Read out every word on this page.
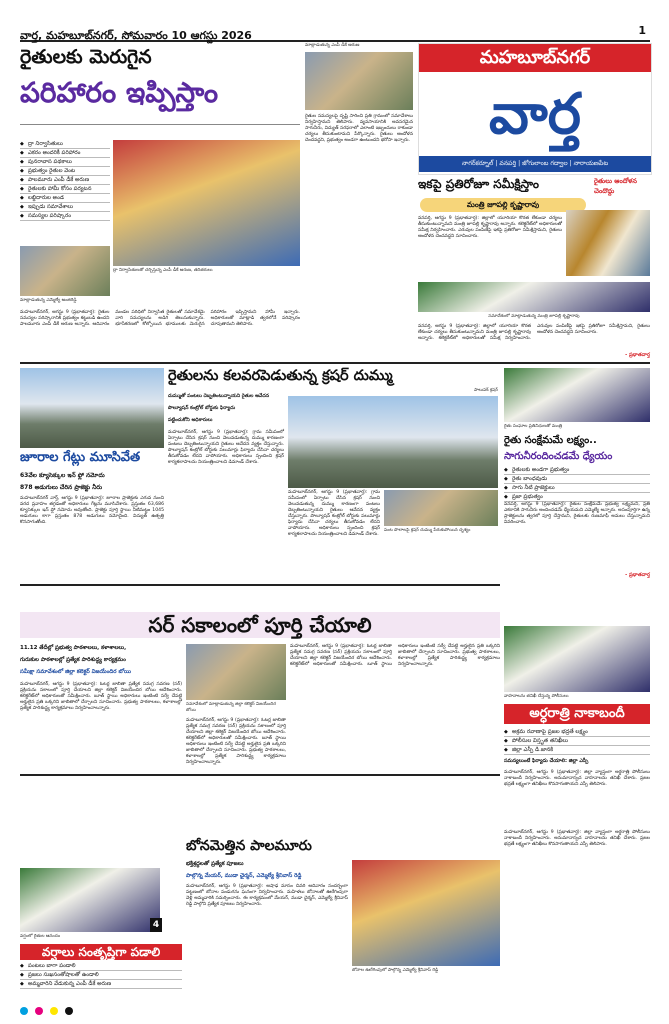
వార్త, మహబూబ్‌నగర్, సోమవారం 10 ఆగస్టు 2026	1
రైతులకు మెరుగైన
పరిహారం ఇప్పిస్తాం
◆ ద్రా నిర్వాసితులు
◆ ఎకరం అందరికీ పరిహారం
◆ పునరావాస పథకాలు
◆ ప్రభుత్వం రైతుల వెంట
◆ పాలమూరు ఎంపీ డీకే అరుణ
◆ రైతులకు హామీ కోసం పర్యటన
◆ లబ్దిదారుల అండ
◆ ఇప్పుడు సమావేశాలు
◆ సమస్యల పరిష్కారం
ద్రా నిర్వాసితులతో చర్చిస్తున్న ఎంపీ డీకే అరుణ, తదితరులు
మాట్లాడుతున్న ఎమ్మెల్యే అంజిరెడ్డి
మహబూబ్‌నగర్, ఆగస్టు 9 (ప్రభాతవార్త): రైతుల సమస్యల పరిష్కారానికి ప్రభుత్వం కట్టుబడి ఉందని పాలమూరు ఎంపీ డీకే అరుణ అన్నారు. ఆదివారం మండల పరిధిలో నిర్వాసిత రైతులతో సమావేశమై వారి సమస్యలను అడిగి తెలుసుకున్నారు. భూసేకరణలో కోల్పోయిన భూములకు మెరుగైన పరిహారం ఇప్పిస్తామని హామీ ఇచ్చారు. అధికారులతో మాట్లాడి త్వరలోనే పరిష్కారం చూపుతామని తెలిపారు.
మాట్లాడుతున్న ఎంపీ డీకే అరుణ
రైతుల సమస్యలపై దృష్టి సారించి ప్రతి గ్రామంలో సమావేశాలు నిర్వహిస్తామని తెలిపారు. వ్యవసాయానికి అవసరమైన సాగునీరు, విద్యుత్ సరఫరాలో ఎలాంటి ఇబ్బందులు రాకుండా చర్యలు తీసుకుంటామని పేర్కొన్నారు. రైతులు ఆందోళన చెందవద్దని, ప్రభుత్వం అండగా ఉంటుందని భరోసా ఇచ్చారు.
మహబూబ్‌నగర్
వార్త
నాగర్‌కర్నూల్ | వనపర్తి | జోగులాంబ గద్వాల | నారాయణపేట
ఇకపై ప్రతిరోజూ సమీక్షిస్తాం
మంత్రి జూపల్లి కృష్ణారావు
రైతులు ఆందోళన చెందొద్దు
వనపర్తి, ఆగస్టు 9 (ప్రభాతవార్త): జిల్లాలో యూరియా కొరత లేకుండా చర్యలు తీసుకుంటున్నామని మంత్రి జూపల్లి కృష్ణారావు అన్నారు. కలెక్టరేట్‌లో అధికారులతో సమీక్ష నిర్వహించారు. ఎరువుల పంపిణీపై ఇకపై ప్రతిరోజూ సమీక్షిస్తామని, రైతులు ఆందోళన చెందవద్దని సూచించారు.
సమావేశంలో మాట్లాడుతున్న మంత్రి జూపల్లి కృష్ణారావు
వనపర్తి, ఆగస్టు 9 (ప్రభాతవార్త): జిల్లాలో యూరియా కొరత లేకుండా చర్యలు తీసుకుంటున్నామని మంత్రి జూపల్లి కృష్ణారావు అన్నారు. కలెక్టరేట్‌లో అధికారులతో సమీక్ష నిర్వహించారు. ఎరువుల పంపిణీపై ఇకపై ప్రతిరోజూ సమీక్షిస్తామని, రైతులు ఆందోళన చెందవద్దని సూచించారు.
- ప్రభాతవార్త
జూరాల గేట్లు మూసివేత
63వేల క్యూసెక్కుల ఇన్ ఫ్లో నమోదు
878 అడుగులు చేరిన ప్రాజెక్టు నీరు
మహబూబ్‌నగర్ వార్త్, ఆగస్టు 9 (ప్రభాతవార్త): జూరాల ప్రాజెక్టుకు ఎగువ నుంచి వరద ప్రవాహం తగ్గడంతో అధికారులు గేట్లను మూసివేశారు. ప్రస్తుతం 63,686 క్యూసెక్కుల ఇన్ ఫ్లో నమోదు అవుతోంది. ప్రాజెక్టు పూర్తి స్థాయి నీటిమట్టం 1045 అడుగులు కాగా ప్రస్తుతం 878 అడుగులు నమోదైంది. విద్యుత్ ఉత్పత్తి కొనసాగుతోంది.
రైతులను కలవరపెడుతున్న క్రషర్ దుమ్ము
దుమ్ముతో పంటలు దెబ్బతింటున్నాయని రైతుల ఆవేదన
పొల్యూషన్ కంట్రోల్ బోర్డుకు ఫిర్యాదు
పట్టించుకోని అధికారులు
మహబూబ్‌నగర్, ఆగస్టు 9 (ప్రభాతవార్త): గ్రామ సమీపంలో ఏర్పాటు చేసిన క్రషర్ నుంచి వెలువడుతున్న దుమ్ము కారణంగా పంటలు దెబ్బతింటున్నాయని రైతులు ఆవేదన వ్యక్తం చేస్తున్నారు. పొల్యూషన్ కంట్రోల్ బోర్డుకు పలుమార్లు ఫిర్యాదు చేసినా చర్యలు తీసుకోవడం లేదని వాపోయారు. అధికారులు స్పందించి క్రషర్ కార్యకలాపాలను నియంత్రించాలని డిమాండ్ చేశారు.
పాలుపక్ క్రషర్
పంట పొలాలపై క్రషర్ దుమ్ము పేరుకుపోయిన దృశ్యం
మహబూబ్‌నగర్, ఆగస్టు 9 (ప్రభాతవార్త): గ్రామ సమీపంలో ఏర్పాటు చేసిన క్రషర్ నుంచి వెలువడుతున్న దుమ్ము కారణంగా పంటలు దెబ్బతింటున్నాయని రైతులు ఆవేదన వ్యక్తం చేస్తున్నారు. పొల్యూషన్ కంట్రోల్ బోర్డుకు పలుమార్లు ఫిర్యాదు చేసినా చర్యలు తీసుకోవడం లేదని వాపోయారు. అధికారులు స్పందించి క్రషర్ కార్యకలాపాలను నియంత్రించాలని డిమాండ్ చేశారు.
రైతు సంఘాల ప్రతినిధులతో మంత్రి
రైతు సంక్షేమమే లక్ష్యం..
సాగునీరందించడమే ధ్యేయం
◆ రైతులకు అండగా ప్రభుత్వం
◆ రైతు బాంధవుడు
◆ సాగు నీటి ప్రాజెక్టులు
◆ ప్రజా ప్రభుత్వం
వనపర్తి, ఆగస్టు 9 (ప్రభాతవార్త): రైతుల సంక్షేమమే ప్రభుత్వ లక్ష్యమని, ప్రతి ఎకరానికి సాగునీరు అందించడమే ధ్యేయమని ఎమ్మెల్యే అన్నారు. అసంపూర్తిగా ఉన్న ప్రాజెక్టులను త్వరలో పూర్తి చేస్తామని, రైతులకు రుణమాఫీ అమలు చేస్తున్నామని వివరించారు.
- ప్రభాతవార్త
సర్ సకాలంలో పూర్తి చేయాలి
11.12 తేదీల్లో ప్రభుత్వ పాఠశాలలు, కళాశాలలు,
గురుకుల పాఠశాలల్లో ప్రత్యేక పారిశుద్ధ్య కార్యక్రమం
సమీక్షా సమావేశంలో జిల్లా కలెక్టర్ విజయేందిర బోయి
మహబూబ్‌నగర్, ఆగస్టు 9 (ప్రభాతవార్త): ఓటర్ల జాబితా ప్రత్యేక సమగ్ర సవరణ (సర్) ప్రక్రియను సకాలంలో పూర్తి చేయాలని జిల్లా కలెక్టర్ విజయేందిర బోయి ఆదేశించారు. కలెక్టరేట్‌లో అధికారులతో సమీక్షించారు. బూత్ స్థాయి అధికారులు ఇంటింటి సర్వే చేపట్టి అర్హులైన ప్రతి ఒక్కరిని జాబితాలో చేర్చాలని సూచించారు. ప్రభుత్వ పాఠశాలలు, కళాశాలల్లో ప్రత్యేక పారిశుద్ధ్య కార్యక్రమాలు నిర్వహించాలన్నారు.
సమావేశంలో మాట్లాడుతున్న జిల్లా కలెక్టర్ విజయేందిర బోయి
మహబూబ్‌నగర్, ఆగస్టు 9 (ప్రభాతవార్త): ఓటర్ల జాబితా ప్రత్యేక సమగ్ర సవరణ (సర్) ప్రక్రియను సకాలంలో పూర్తి చేయాలని జిల్లా కలెక్టర్ విజయేందిర బోయి ఆదేశించారు. కలెక్టరేట్‌లో అధికారులతో సమీక్షించారు. బూత్ స్థాయి అధికారులు ఇంటింటి సర్వే చేపట్టి అర్హులైన ప్రతి ఒక్కరిని జాబితాలో చేర్చాలని సూచించారు. ప్రభుత్వ పాఠశాలలు, కళాశాలల్లో ప్రత్యేక పారిశుద్ధ్య కార్యక్రమాలు నిర్వహించాలన్నారు.
మహబూబ్‌నగర్, ఆగస్టు 9 (ప్రభాతవార్త): ఓటర్ల జాబితా ప్రత్యేక సమగ్ర సవరణ (సర్) ప్రక్రియను సకాలంలో పూర్తి చేయాలని జిల్లా కలెక్టర్ విజయేందిర బోయి ఆదేశించారు. కలెక్టరేట్‌లో అధికారులతో సమీక్షించారు. బూత్ స్థాయి అధికారులు ఇంటింటి సర్వే చేపట్టి అర్హులైన ప్రతి ఒక్కరిని జాబితాలో చేర్చాలని సూచించారు. ప్రభుత్వ పాఠశాలలు, కళాశాలల్లో ప్రత్యేక పారిశుద్ధ్య కార్యక్రమాలు నిర్వహించాలన్నారు.
వాహనాలను తనిఖీ చేస్తున్న పోలీసులు
అర్ధరాత్రి నాకాబందీ
◆ అక్రమ రవాణాపై ప్రజల భద్రతే లక్ష్యం
◆ పోలీసుల విస్తృత తనిఖీలు
◆ జిల్లా ఎస్పీ డి.జానకి
సమస్యలుంటే ఫిర్యాదు చేయాలి: జిల్లా ఎస్పీ
మహబూబ్‌నగర్, ఆగస్టు 9 (ప్రభాతవార్త): జిల్లా వ్యాప్తంగా అర్ధరాత్రి పోలీసులు నాకాబందీ నిర్వహించారు. అనుమానాస్పద వాహనాలను తనిఖీ చేశారు. ప్రజల భద్రతే లక్ష్యంగా తనిఖీలు కొనసాగుతాయని ఎస్పీ తెలిపారు.
బోనమెత్తిన పాలమూరు
భక్తిశ్రద్ధలతో ప్రత్యేక పూజలు
పాల్గొన్న మేయర్, ముడా ఛైర్మన్, ఎమ్మెల్యే శ్రీనివాస్ రెడ్డి
మహబూబ్‌నగర్, ఆగస్టు 9 (ప్రభాతవార్త): ఆషాఢ మాసం చివరి ఆదివారం సందర్భంగా పట్టణంలో బోనాల పండుగను ఘనంగా నిర్వహించారు. మహిళలు బోనాలతో ఊరేగింపుగా వెళ్లి అమ్మవారికి సమర్పించారు. ఈ కార్యక్రమంలో మేయర్, ముడా ఛైర్మన్, ఎమ్మెల్యే శ్రీనివాస్ రెడ్డి పాల్గొని ప్రత్యేక పూజలు నిర్వహించారు.
బోనాల ఊరేగింపులో పాల్గొన్న ఎమ్మెల్యే శ్రీనివాస్ రెడ్డి
4
వర్షంలో రైతుల ఆనందం
వర్షాలు సంతృప్తిగా పడాలి
◆ పంటలు బాగా పండాలి
◆ ప్రజలు సుఖసంతోషాలతో ఉండాలి
◆ అమ్మవారిని వేడుకున్న ఎంపీ డీకే అరుణ
మహబూబ్‌నగర్, ఆగస్టు 9 (ప్రభాతవార్త): జిల్లా వ్యాప్తంగా అర్ధరాత్రి పోలీసులు నాకాబందీ నిర్వహించారు. అనుమానాస్పద వాహనాలను తనిఖీ చేశారు. ప్రజల భద్రతే లక్ష్యంగా తనిఖీలు కొనసాగుతాయని ఎస్పీ తెలిపారు.
